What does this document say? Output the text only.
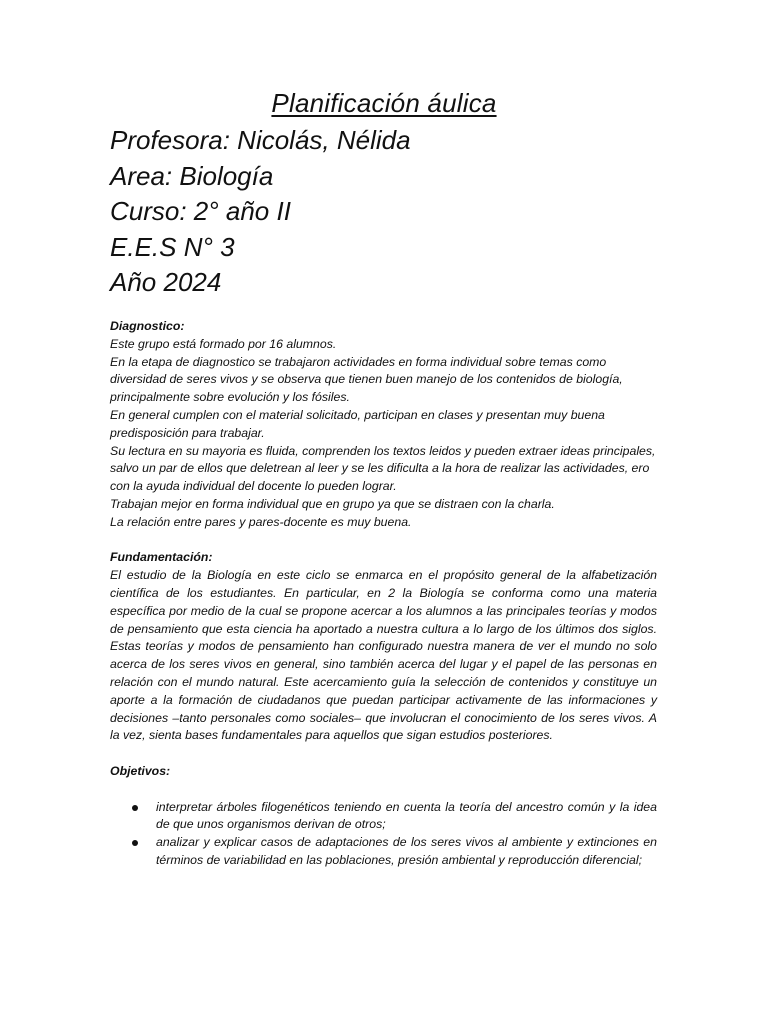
Planificación áulica
Profesora: Nicolás, Nélida
Area: Biología
Curso: 2° año II
E.E.S N° 3
Año 2024
Diagnostico:

Este grupo está formado por 16 alumnos.

En la etapa de diagnostico se trabajaron actividades en forma individual sobre temas como diversidad de seres vivos y se observa que tienen buen manejo de los contenidos de biología, principalmente sobre evolución y los fósiles.

En general cumplen con el material solicitado, participan en clases y presentan muy buena predisposición para trabajar.

Su lectura en su mayoria es fluida, comprenden los textos leidos y pueden extraer ideas principales, salvo un par de ellos que deletrean al leer y se les dificulta a la hora de realizar las actividades, ero con la ayuda individual del docente lo pueden lograr.

Trabajan mejor en forma individual que en grupo ya que se distraen con la charla.

La relación entre pares y pares-docente es muy buena.

Fundamentación:

El estudio de la Biología en este ciclo se enmarca en el propósito general de la alfabetización científica de los estudiantes. En particular, en 2 la Biología se conforma como una materia específica por medio de la cual se propone acercar a los alumnos a las principales teorías y modos de pensamiento que esta ciencia ha aportado a nuestra cultura a lo largo de los últimos dos siglos. Estas teorías y modos de pensamiento han configurado nuestra manera de ver el mundo no solo acerca de los seres vivos en general, sino también acerca del lugar y el papel de las personas en relación con el mundo natural. Este acercamiento guía la selección de contenidos y constituye un aporte a la formación de ciudadanos que puedan participar activamente de las informaciones y decisiones –tanto personales como sociales– que involucran el conocimiento de los seres vivos. A la vez, sienta bases fundamentales para aquellos que sigan estudios posteriores.

Objetivos:
interpretar árboles filogenéticos teniendo en cuenta la teoría del ancestro común y la idea de que unos organismos derivan de otros;
analizar y explicar casos de adaptaciones de los seres vivos al ambiente y extinciones en términos de variabilidad en las poblaciones, presión ambiental y reproducción diferencial;
